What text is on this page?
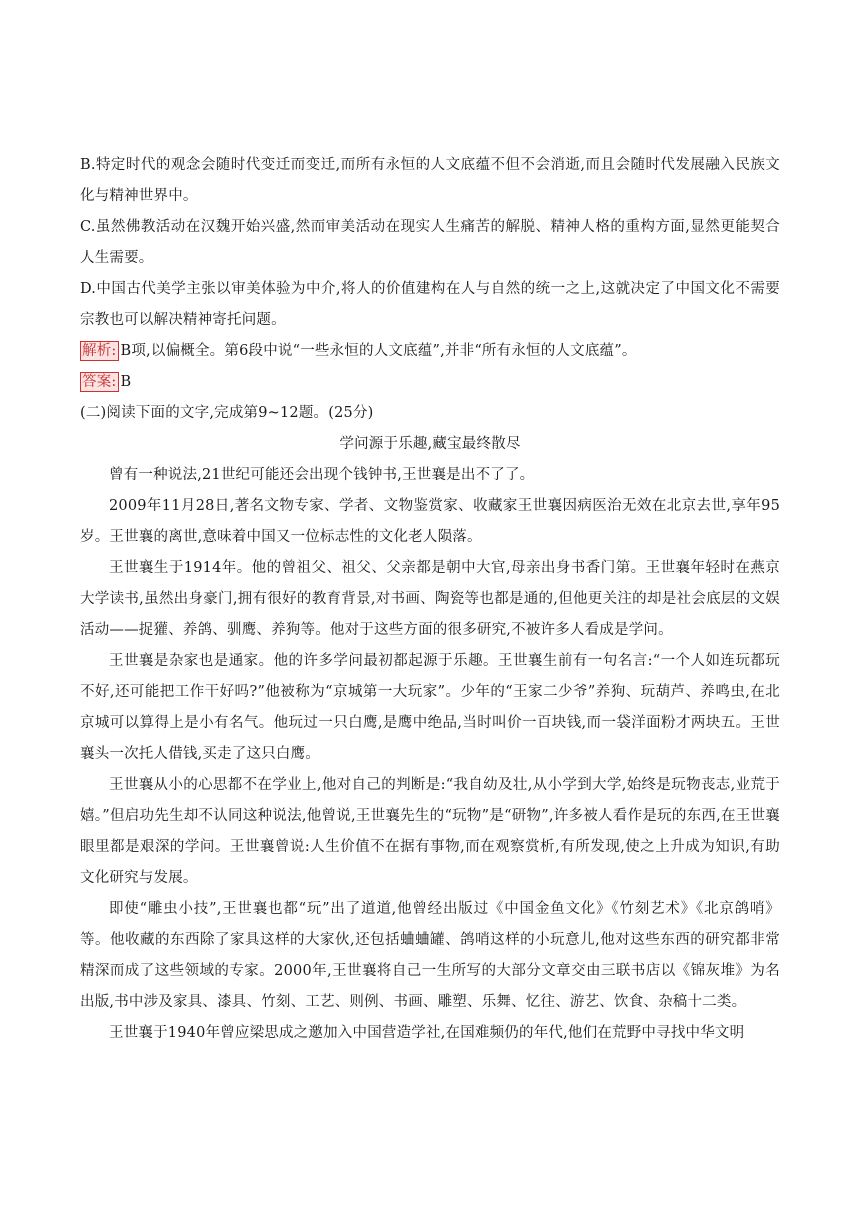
B.特定时代的观念会随时代变迁而变迁,而所有永恒的人文底蕴不但不会消逝,而且会随时代发展融入民族文化与精神世界中。

C.虽然佛教活动在汉魏开始兴盛,然而审美活动在现实人生痛苦的解脱、精神人格的重构方面,显然更能契合人生需要。

D.中国古代美学主张以审美体验为中介,将人的价值建构在人与自然的统一之上,这就决定了中国文化不需要宗教也可以解决精神寄托问题。

解析: B项,以偏概全。第6段中说“一些永恒的人文底蕴”,并非“所有永恒的人文底蕴”。

答案: B

(二)阅读下面的文字,完成第9~12题。(25分)

学问源于乐趣,藏宝最终散尽

曾有一种说法,21世纪可能还会出现个钱钟书,王世襄是出不了了。

2009年11月28日,著名文物专家、学者、文物鉴赏家、收藏家王世襄因病医治无效在北京去世,享年95岁。王世襄的离世,意味着中国又一位标志性的文化老人陨落。

王世襄生于1914年。他的曾祖父、祖父、父亲都是朝中大官,母亲出身书香门第。王世襄年轻时在燕京大学读书,虽然出身豪门,拥有很好的教育背景,对书画、陶瓷等也都是通的,但他更关注的却是社会底层的文娱活动——捉獾、养鸽、驯鹰、养狗等。他对于这些方面的很多研究,不被许多人看成是学问。

王世襄是杂家也是通家。他的许多学问最初都起源于乐趣。王世襄生前有一句名言:“一个人如连玩都玩不好,还可能把工作干好吗?”他被称为“京城第一大玩家”。少年的“王家二少爷”养狗、玩葫芦、养鸣虫,在北京城可以算得上是小有名气。他玩过一只白鹰,是鹰中绝品,当时叫价一百块钱,而一袋洋面粉才两块五。王世襄头一次托人借钱,买走了这只白鹰。

王世襄从小的心思都不在学业上,他对自己的判断是:“我自幼及壮,从小学到大学,始终是玩物丧志,业荒于嬉。”但启功先生却不认同这种说法,他曾说,王世襄先生的“玩物”是“研物”,许多被人看作是玩的东西,在王世襄眼里都是艰深的学问。王世襄曾说:人生价值不在据有事物,而在观察赏析,有所发现,使之上升成为知识,有助文化研究与发展。

即使“雕虫小技”,王世襄也都“玩”出了道道,他曾经出版过《中国金鱼文化》《竹刻艺术》《北京鸽哨》等。他收藏的东西除了家具这样的大家伙,还包括蛐蛐罐、鸽哨这样的小玩意儿,他对这些东西的研究都非常精深而成了这些领域的专家。2000年,王世襄将自己一生所写的大部分文章交由三联书店以《锦灰堆》为名出版,书中涉及家具、漆具、竹刻、工艺、则例、书画、雕塑、乐舞、忆往、游艺、饮食、杂稿十二类。

王世襄于1940年曾应梁思成之邀加入中国营造学社,在国难频仍的年代,他们在荒野中寻找中华文明
